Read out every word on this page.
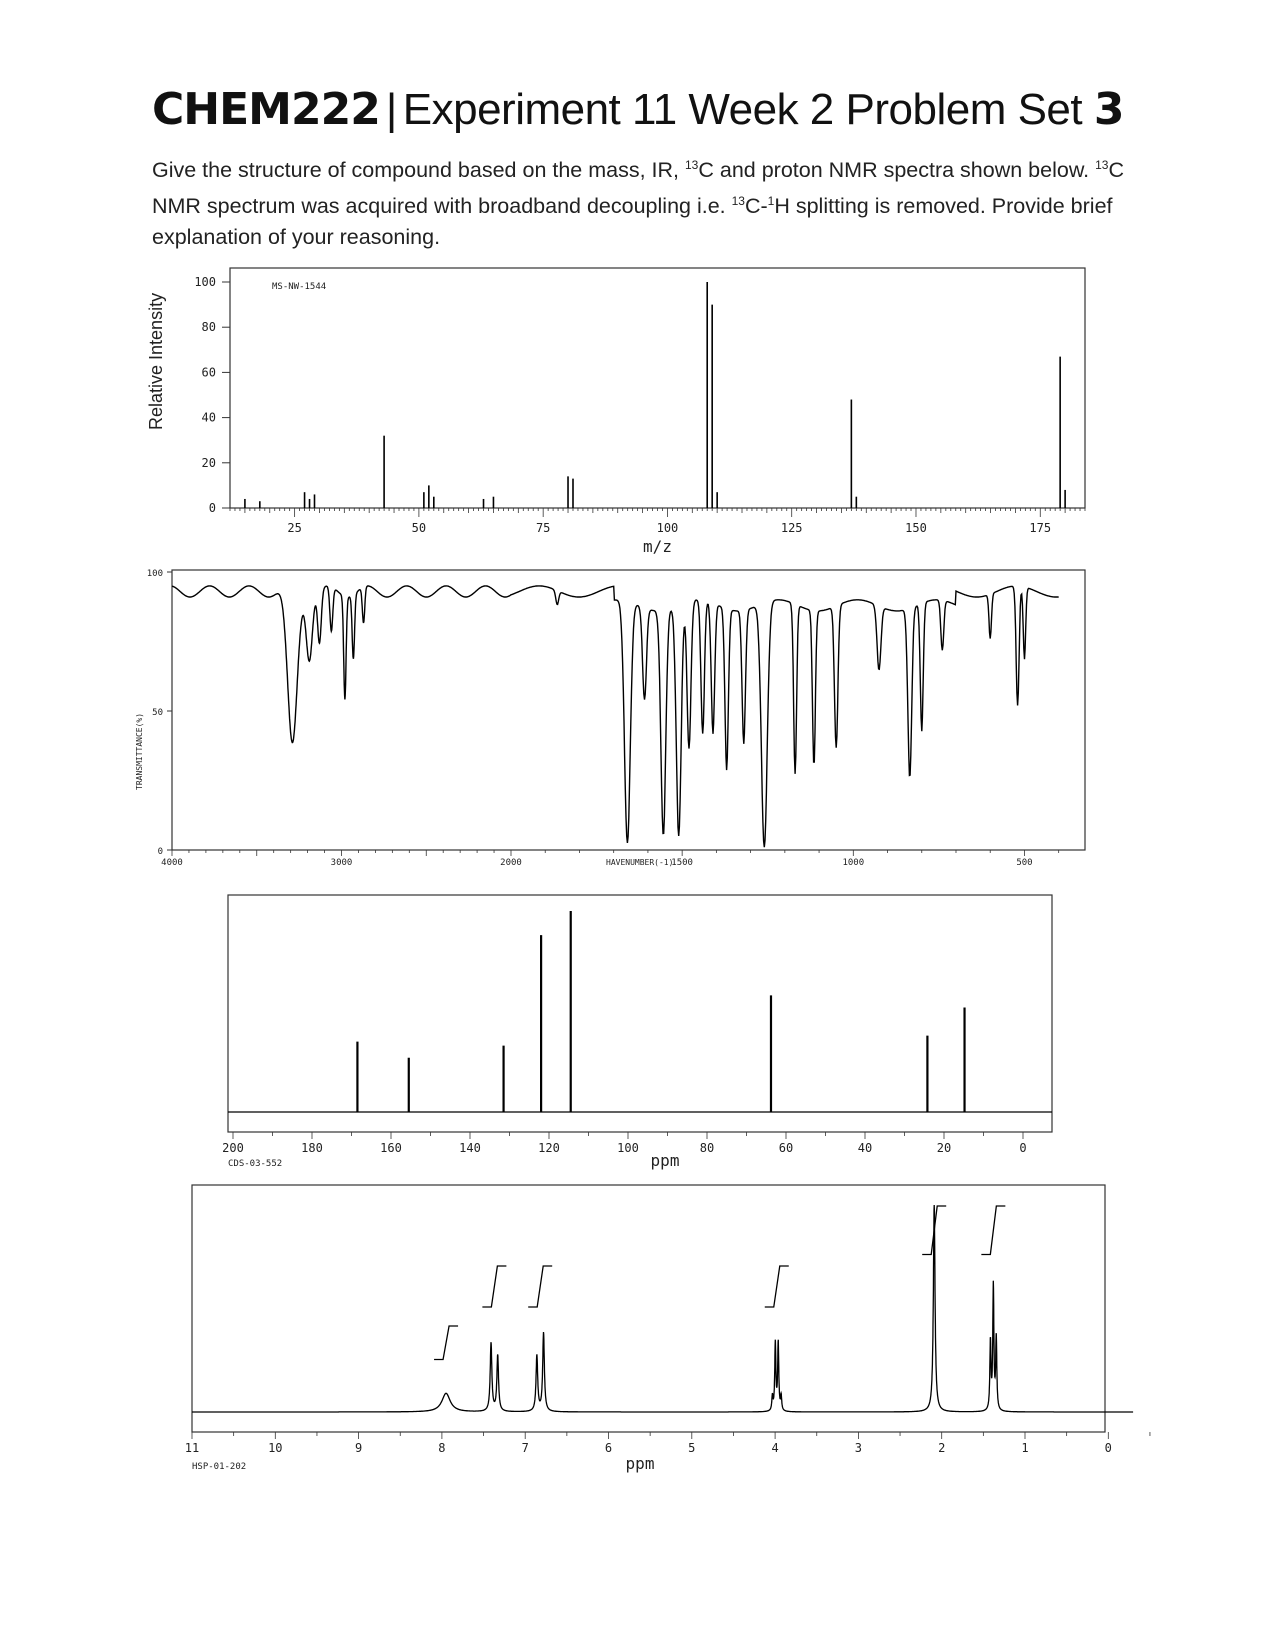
CHEM222 | Experiment 11 Week 2 Problem Set 3
Give the structure of compound based on the mass, IR, $^{13}$C and proton NMR spectra shown below. $^{13}$C NMR spectrum was acquired with broadband decoupling i.e. $^{13}$C-$^1$H splitting is removed. Provide brief explanation of your reasoning.
Relative Intensity
MS-NW-1544
0
20
40
60
80
100
25	50	75	100	125	150	175
m/z
0
50
100
4000	3000	2000	1500	1000	500
HAVENUMBER(-1)
TRANSMITTANCE(%)
200	180	160	140	120	100	80	60	40	20	0
ppm
CDS-03-552
11	10	9	8	7	6	5	4	3	2	1	0
ppm
HSP-01-202
